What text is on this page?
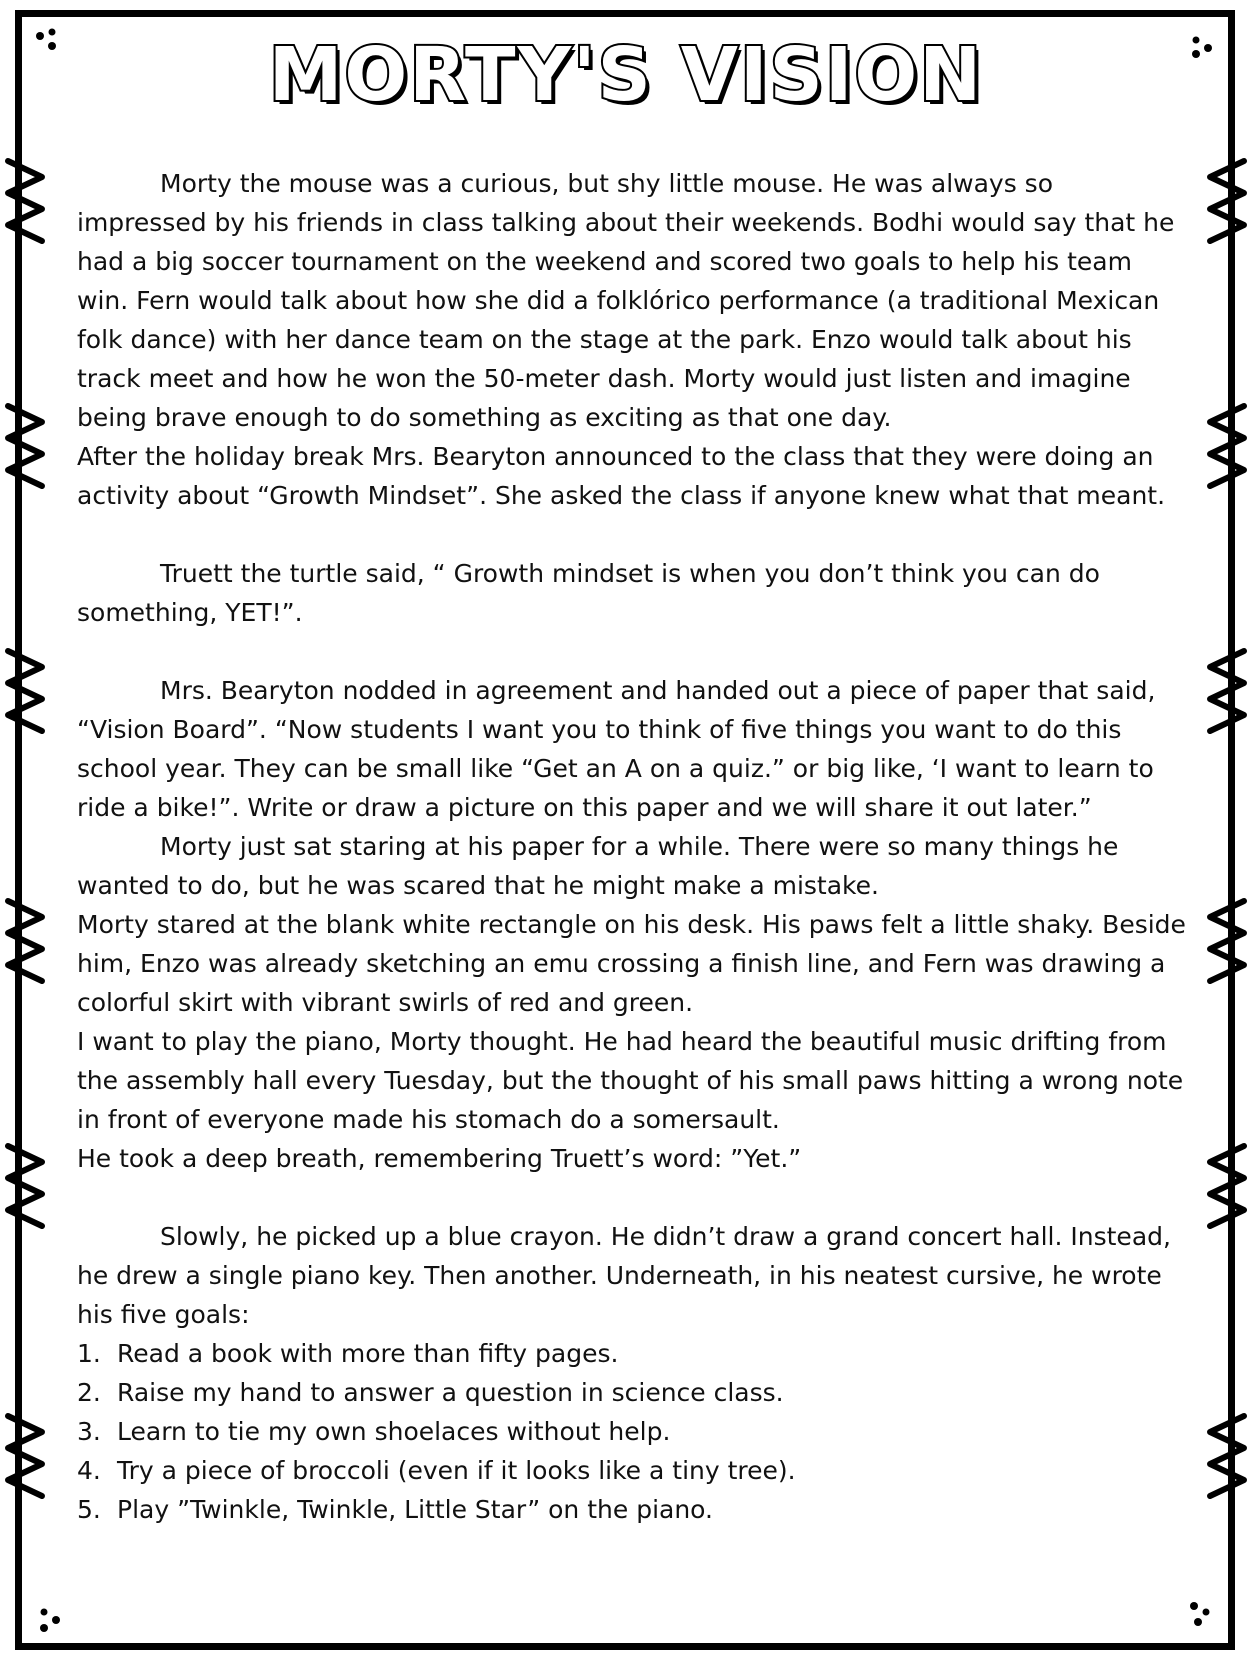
MORTY'S VISION

Morty the mouse was a curious, but shy little mouse. He was always so impressed by his friends in class talking about their weekends. Bodhi would say that he had a big soccer tournament on the weekend and scored two goals to help his team win. Fern would talk about how she did a folklórico performance (a traditional Mexican folk dance) with her dance team on the stage at the park. Enzo would talk about his track meet and how he won the 50-meter dash. Morty would just listen and imagine being brave enough to do something as exciting as that one day.

After the holiday break Mrs. Bearyton announced to the class that they were doing an activity about “Growth Mindset”. She asked the class if anyone knew what that meant.

Truett the turtle said, “ Growth mindset is when you don’t think you can do something, YET!”.

Mrs. Bearyton nodded in agreement and handed out a piece of paper that said, “Vision Board”. “Now students I want you to think of five things you want to do this school year. They can be small like “Get an A on a quiz.” or big like, ‘I want to learn to ride a bike!”. Write or draw a picture on this paper and we will share it out later.”

Morty just sat staring at his paper for a while. There were so many things he wanted to do, but he was scared that he might make a mistake.

Morty stared at the blank white rectangle on his desk. His paws felt a little shaky. Beside him, Enzo was already sketching an emu crossing a finish line, and Fern was drawing a colorful skirt with vibrant swirls of red and green.

I want to play the piano, Morty thought. He had heard the beautiful music drifting from the assembly hall every Tuesday, but the thought of his small paws hitting a wrong note in front of everyone made his stomach do a somersault.

He took a deep breath, remembering Truett’s word: ”Yet.”

Slowly, he picked up a blue crayon. He didn’t draw a grand concert hall. Instead, he drew a single piano key. Then another. Underneath, in his neatest cursive, he wrote his five goals:

1. Read a book with more than fifty pages.
2. Raise my hand to answer a question in science class.
3. Learn to tie my own shoelaces without help.
4. Try a piece of broccoli (even if it looks like a tiny tree).
5. Play ”Twinkle, Twinkle, Little Star” on the piano.
